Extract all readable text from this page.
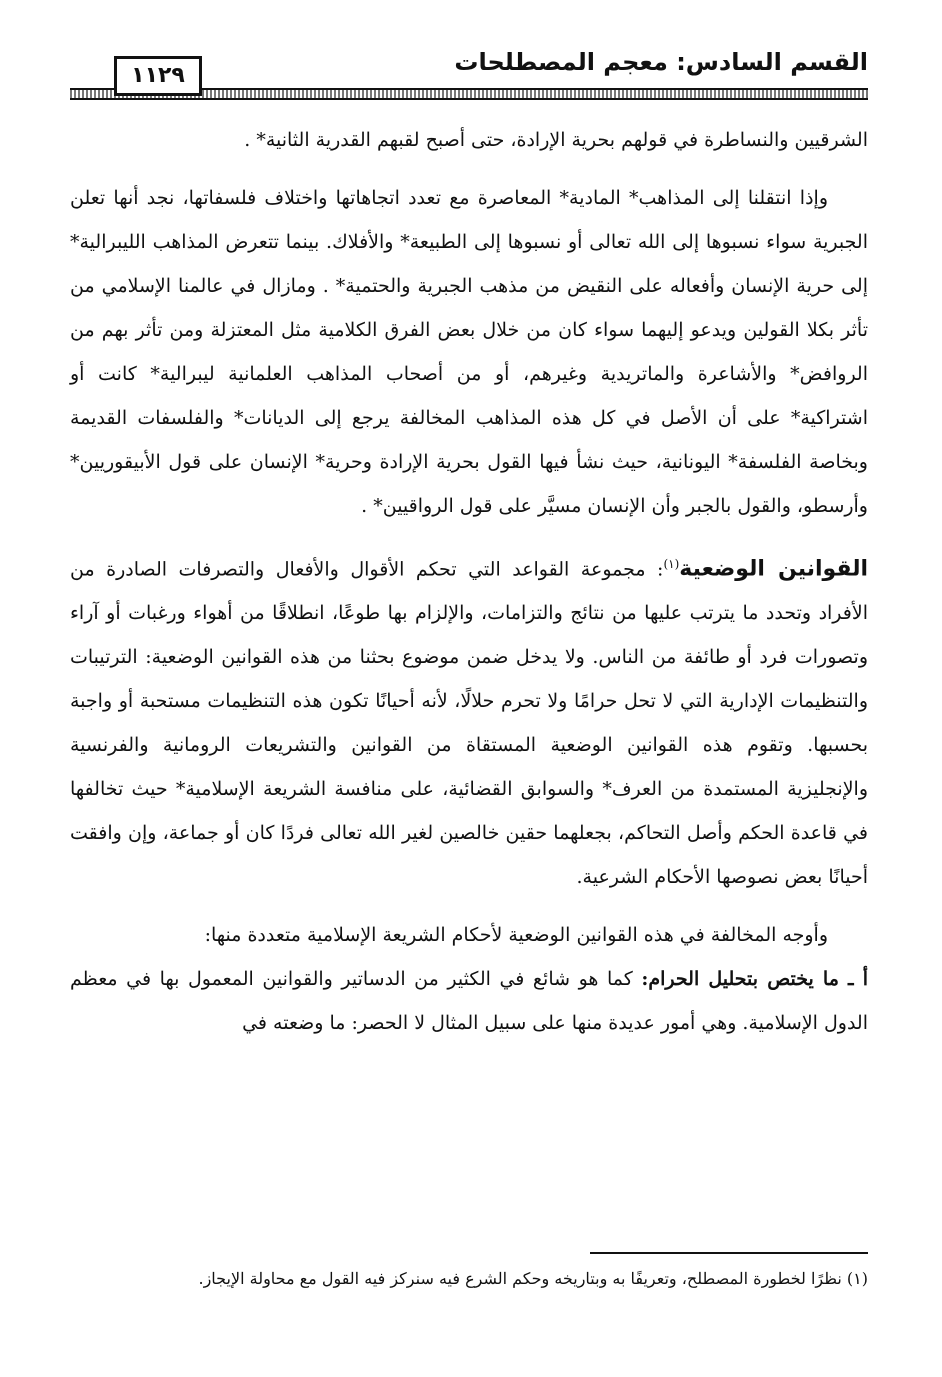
القسم السادس: معجم المصطلحات
١١٢٩

الشرقيين والنساطرة في قولهم بحرية الإرادة، حتى أصبح لقبهم القدرية الثانية* .

وإذا انتقلنا إلى المذاهب* المادية* المعاصرة مع تعدد اتجاهاتها واختلاف فلسفاتها، نجد أنها تعلن الجبرية سواء نسبوها إلى الله تعالى أو نسبوها إلى الطبيعة* والأفلاك. بينما تتعرض المذاهب الليبرالية* إلى حرية الإنسان وأفعاله على النقيض من مذهب الجبرية والحتمية* . ومازال في عالمنا الإسلامي من تأثر بكلا القولين ويدعو إليهما سواء كان من خلال بعض الفرق الكلامية مثل المعتزلة ومن تأثر بهم من الروافض* والأشاعرة والماتريدية وغيرهم، أو من أصحاب المذاهب العلمانية ليبرالية* كانت أو اشتراكية* على أن الأصل في كل هذه المذاهب المخالفة يرجع إلى الديانات* والفلسفات القديمة وبخاصة الفلسفة* اليونانية، حيث نشأ فيها القول بحرية الإرادة وحرية* الإنسان على قول الأبيقوريين* وأرسطو، والقول بالجبر وأن الإنسان مسيَّر على قول الرواقيين* .

القوانين الوضعية$^{(١)}$: مجموعة القواعد التي تحكم الأقوال والأفعال والتصرفات الصادرة من الأفراد وتحدد ما يترتب عليها من نتائج والتزامات، والإلزام بها طوعًا، انطلاقًا من أهواء ورغبات أو آراء وتصورات فرد أو طائفة من الناس. ولا يدخل ضمن موضوع بحثنا من هذه القوانين الوضعية: الترتيبات والتنظيمات الإدارية التي لا تحل حرامًا ولا تحرم حلالًا، لأنه أحيانًا تكون هذه التنظيمات مستحبة أو واجبة بحسبها. وتقوم هذه القوانين الوضعية المستقاة من القوانين والتشريعات الرومانية والفرنسية والإنجليزية المستمدة من العرف* والسوابق القضائية، على منافسة الشريعة الإسلامية* حيث تخالفها في قاعدة الحكم وأصل التحاكم، بجعلهما حقين خالصين لغير الله تعالى فردًا كان أو جماعة، وإن وافقت أحيانًا بعض نصوصها الأحكام الشرعية.

وأوجه المخالفة في هذه القوانين الوضعية لأحكام الشريعة الإسلامية متعددة منها:

أ ـ ما يختص بتحليل الحرام: كما هو شائع في الكثير من الدساتير والقوانين المعمول بها في معظم الدول الإسلامية. وهي أمور عديدة منها على سبيل المثال لا الحصر: ما وضعته في

(١) نظرًا لخطورة المصطلح، وتعريفًا به وبتاريخه وحكم الشرع فيه سنركز فيه القول مع محاولة الإيجاز.
